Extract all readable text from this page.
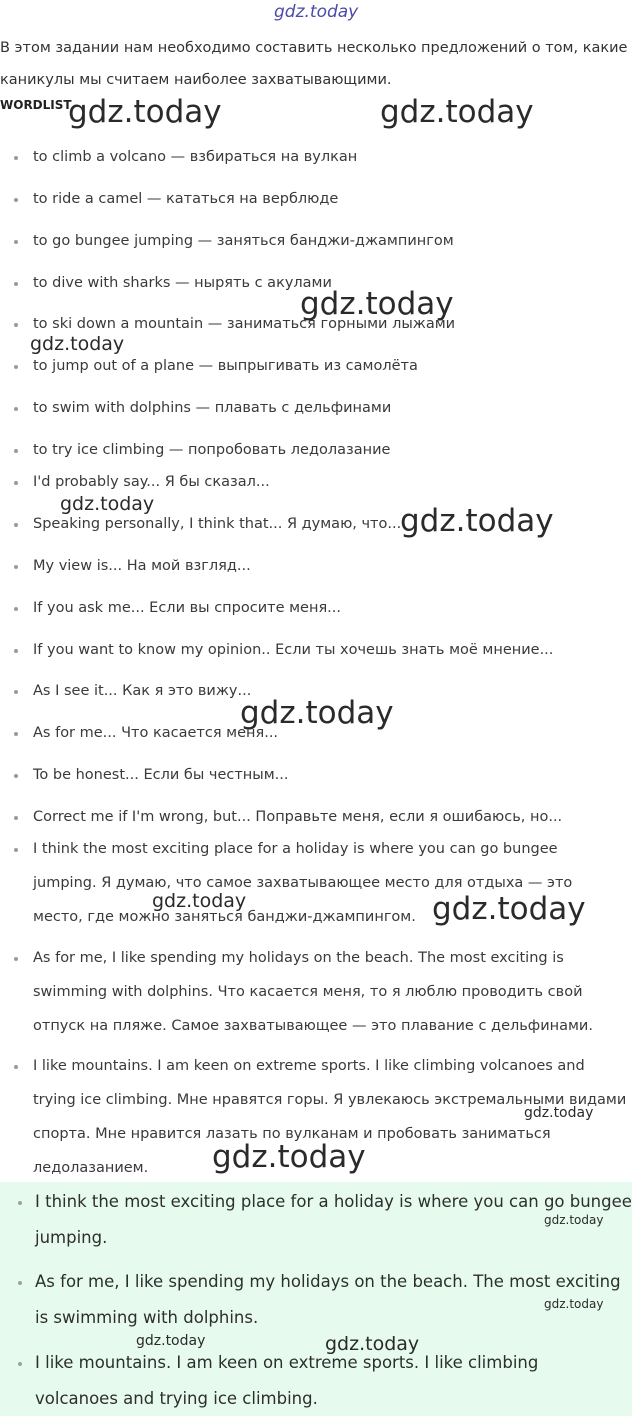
gdz.today
gdz.today	gdz.today
gdz.today
gdz.today
gdz.today	gdz.today
gdz.today
gdz.today	gdz.today
gdz.today
gdz.today
В этом задании нам необходимо составить несколько предложений о том, какие каникулы мы считаем наиболее захватывающими.
WORDLIST
to climb a volcano — взбираться на вулкан
to ride a camel — кататься на верблюде
to go bungee jumping — заняться банджи-джампингом
to dive with sharks — нырять с акулами
to ski down a mountain — заниматься горными лыжами
to jump out of a plane — выпрыгивать из самолёта
to swim with dolphins — плавать с дельфинами
to try ice climbing — попробовать ледолазание
I'd probably say... Я бы сказал...
Speaking personally, I think that... Я думаю, что...
My view is... На мой взгляд...
If you ask me... Если вы спросите меня...
If you want to know my opinion.. Если ты хочешь знать моё мнение...
As I see it... Как я это вижу...
As for me... Что касается меня...
To be honest... Если бы честным...
Correct me if I'm wrong, but... Поправьте меня, если я ошибаюсь, но...
I think the most exciting place for a holiday is where you can go bungee jumping. Я думаю, что самое захватывающее место для отдыха — это место, где можно заняться банджи-джампингом.
As for me, I like spending my holidays on the beach. The most exciting is swimming with dolphins. Что касается меня, то я люблю проводить свой отпуск на пляже. Самое захватывающее — это плавание с дельфинами.
I like mountains. I am keen on extreme sports. I like climbing volcanoes and trying ice climbing. Мне нравятся горы. Я увлекаюсь экстремальными видами спорта. Мне нравится лазать по вулканам и пробовать заниматься ледолазанием.
I think the most exciting place for a holiday is where you can go bungee jumping.
As for me, I like spending my holidays on the beach. The most exciting is swimming with dolphins.
I like mountains. I am keen on extreme sports. I like climbing volcanoes and trying ice climbing.
gdz.today
gdz.today
gdz.today	gdz.today
